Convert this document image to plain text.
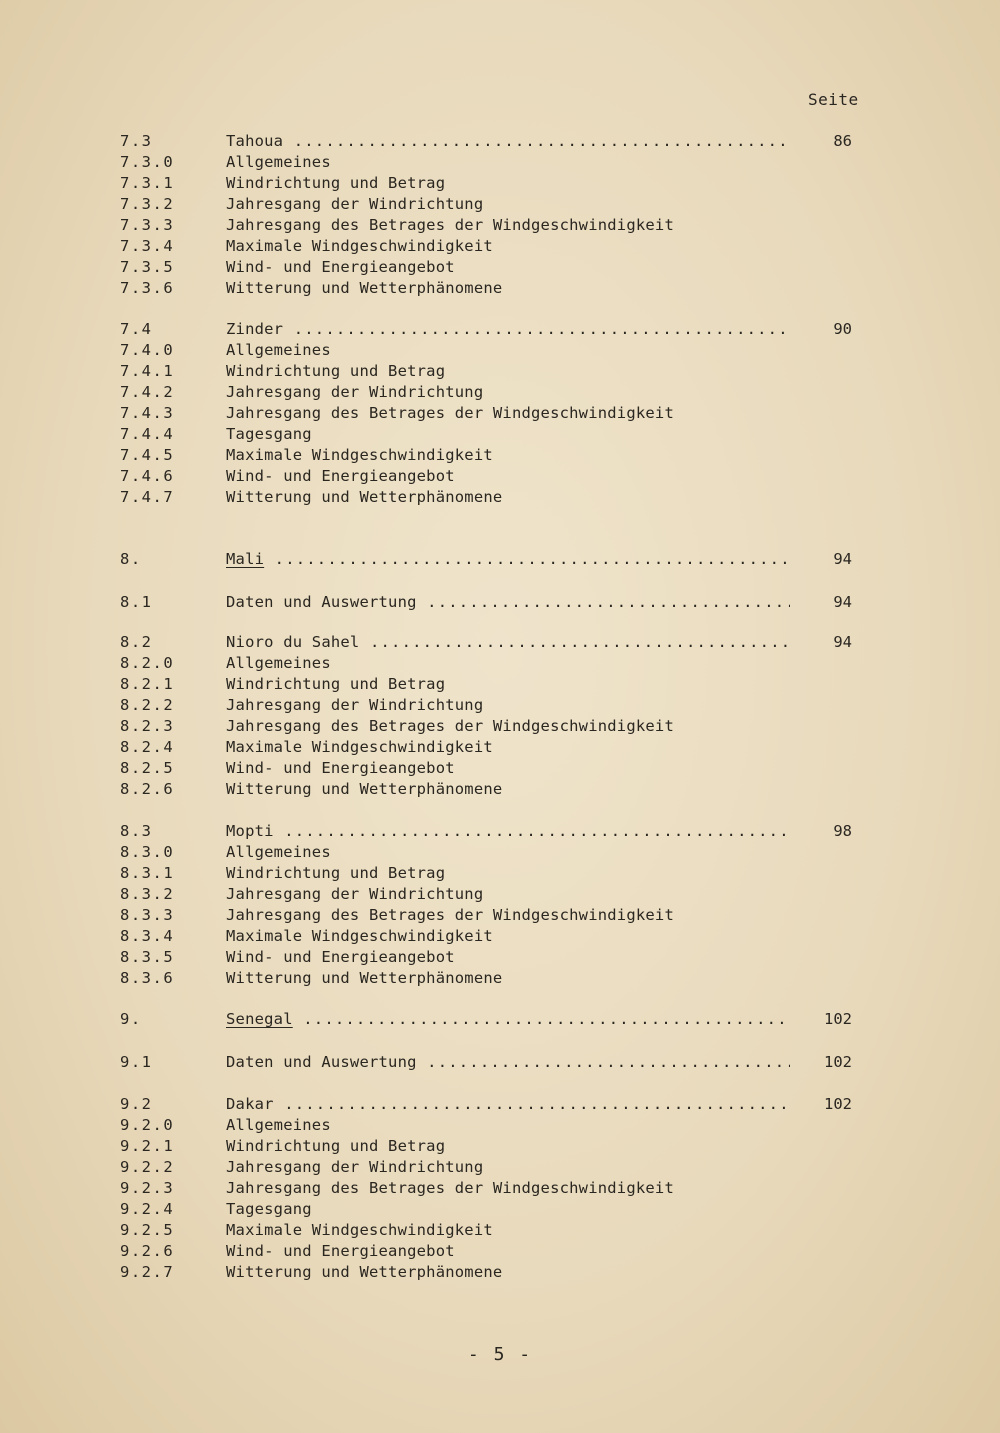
Seite
7.3	Tahoua .....	86
7.3.0	Allgemeines
7.3.1	Windrichtung und Betrag
7.3.2	Jahresgang der Windrichtung
7.3.3	Jahresgang des Betrages der Windgeschwindigkeit
7.3.4	Maximale Windgeschwindigkeit
7.3.5	Wind- und Energieangebot
7.3.6	Witterung und Wetterphänomene
7.4	Zinder .....	90
7.4.0	Allgemeines
7.4.1	Windrichtung und Betrag
7.4.2	Jahresgang der Windrichtung
7.4.3	Jahresgang des Betrages der Windgeschwindigkeit
7.4.4	Tagesgang
7.4.5	Maximale Windgeschwindigkeit
7.4.6	Wind- und Energieangebot
7.4.7	Witterung und Wetterphänomene
8.	Mali .....	94
8.1	Daten und Auswertung .....	94
8.2	Nioro du Sahel .....	94
8.2.0	Allgemeines
8.2.1	Windrichtung und Betrag
8.2.2	Jahresgang der Windrichtung
8.2.3	Jahresgang des Betrages der Windgeschwindigkeit
8.2.4	Maximale Windgeschwindigkeit
8.2.5	Wind- und Energieangebot
8.2.6	Witterung und Wetterphänomene
8.3	Mopti .....	98
8.3.0	Allgemeines
8.3.1	Windrichtung und Betrag
8.3.2	Jahresgang der Windrichtung
8.3.3	Jahresgang des Betrages der Windgeschwindigkeit
8.3.4	Maximale Windgeschwindigkeit
8.3.5	Wind- und Energieangebot
8.3.6	Witterung und Wetterphänomene
9.	Senegal .....	102
9.1	Daten und Auswertung .....	102
9.2	Dakar .....	102
9.2.0	Allgemeines
9.2.1	Windrichtung und Betrag
9.2.2	Jahresgang der Windrichtung
9.2.3	Jahresgang des Betrages der Windgeschwindigkeit
9.2.4	Tagesgang
9.2.5	Maximale Windgeschwindigkeit
9.2.6	Wind- und Energieangebot
9.2.7	Witterung und Wetterphänomene
- 5 -
